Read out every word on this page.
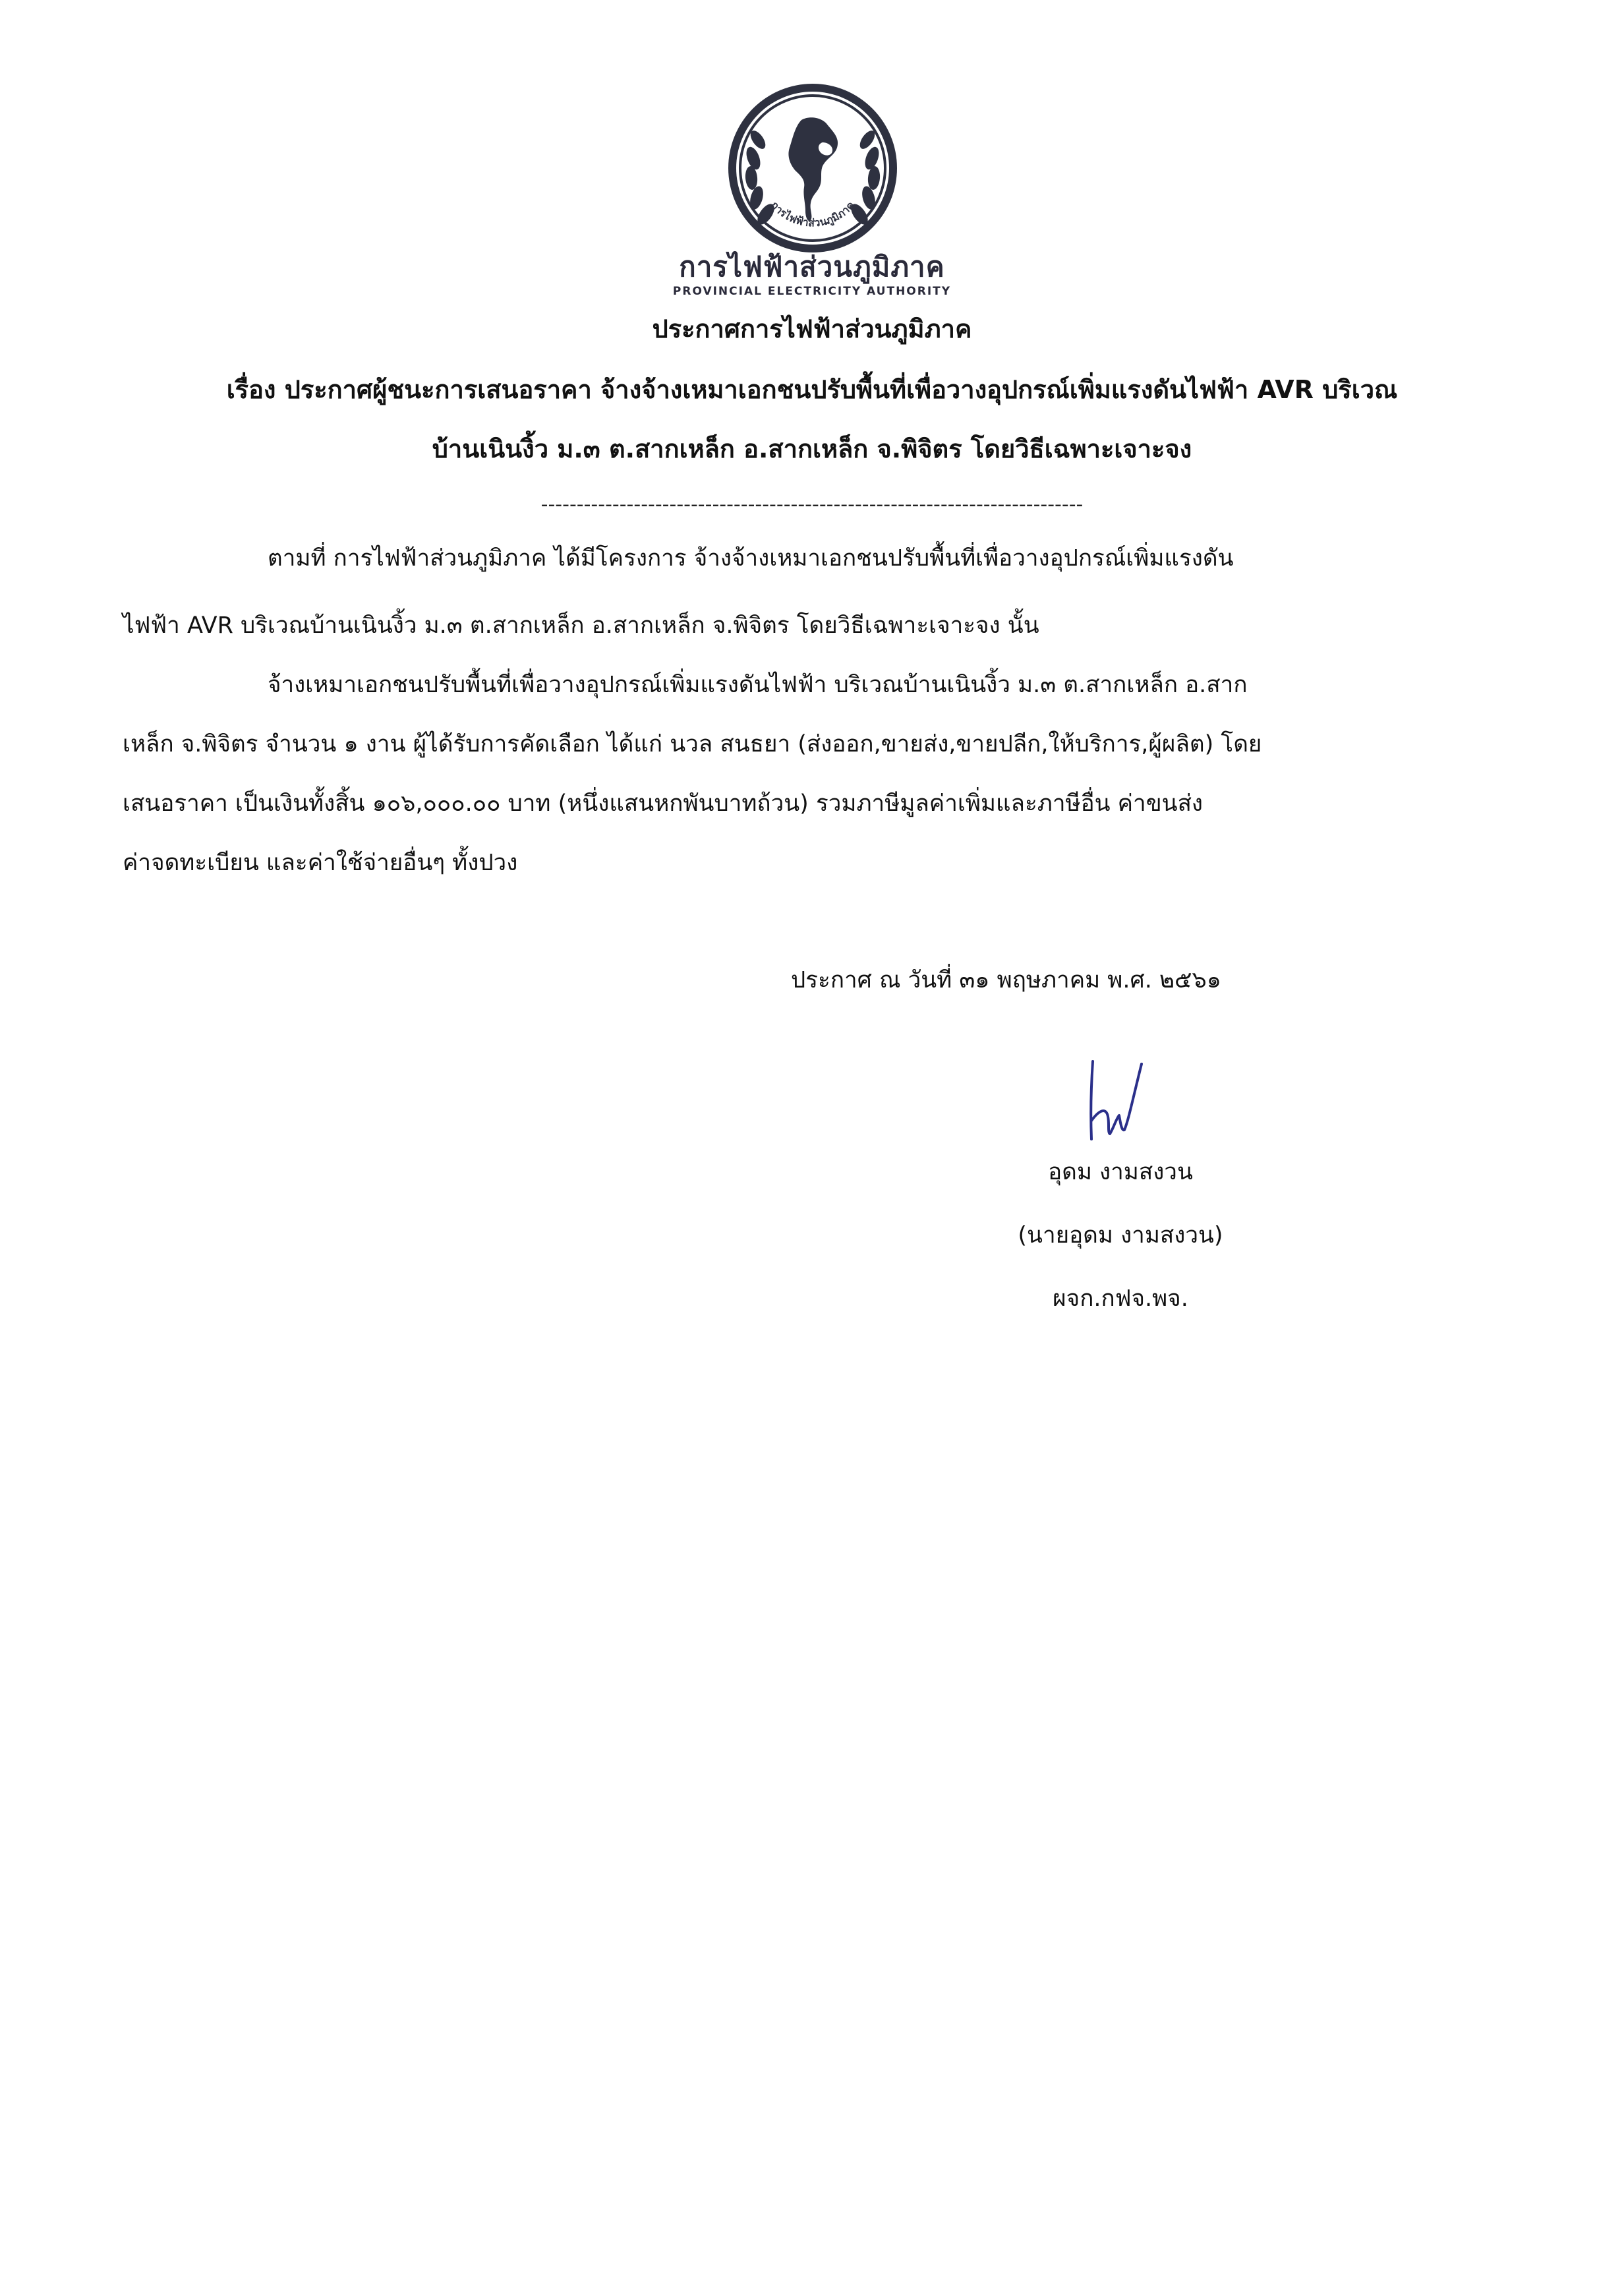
การไฟฟ้าส่วนภูมิภาค
การไฟฟ้าส่วนภูมิภาค
PROVINCIAL ELECTRICITY AUTHORITY
ประกาศการไฟฟ้าส่วนภูมิภาค
เรื่อง ประกาศผู้ชนะการเสนอราคา จ้างจ้างเหมาเอกชนปรับพื้นที่เพื่อวางอุปกรณ์เพิ่มแรงดันไฟฟ้า AVR บริเวณ
บ้านเนินงิ้ว ม.๓ ต.สากเหล็ก อ.สากเหล็ก จ.พิจิตร โดยวิธีเฉพาะเจาะจง
----------------------------------------------------------------------------
ตามที่ การไฟฟ้าส่วนภูมิภาค ได้มีโครงการ จ้างจ้างเหมาเอกชนปรับพื้นที่เพื่อวางอุปกรณ์เพิ่มแรงดัน
ไฟฟ้า AVR บริเวณบ้านเนินงิ้ว ม.๓ ต.สากเหล็ก อ.สากเหล็ก จ.พิจิตร โดยวิธีเฉพาะเจาะจง นั้น
จ้างเหมาเอกชนปรับพื้นที่เพื่อวางอุปกรณ์เพิ่มแรงดันไฟฟ้า บริเวณบ้านเนินงิ้ว ม.๓ ต.สากเหล็ก อ.สาก
เหล็ก จ.พิจิตร จำนวน ๑ งาน ผู้ได้รับการคัดเลือก ได้แก่ นวล สนธยา (ส่งออก,ขายส่ง,ขายปลีก,ให้บริการ,ผู้ผลิต) โดย
เสนอราคา เป็นเงินทั้งสิ้น ๑๐๖,๐๐๐.๐๐ บาท (หนึ่งแสนหกพันบาทถ้วน) รวมภาษีมูลค่าเพิ่มและภาษีอื่น ค่าขนส่ง
ค่าจดทะเบียน และค่าใช้จ่ายอื่นๆ ทั้งปวง
ประกาศ ณ วันที่ ๓๑ พฤษภาคม พ.ศ. ๒๕๖๑
อุดม งามสงวน
(นายอุดม งามสงวน)
ผจก.กฟจ.พจ.
